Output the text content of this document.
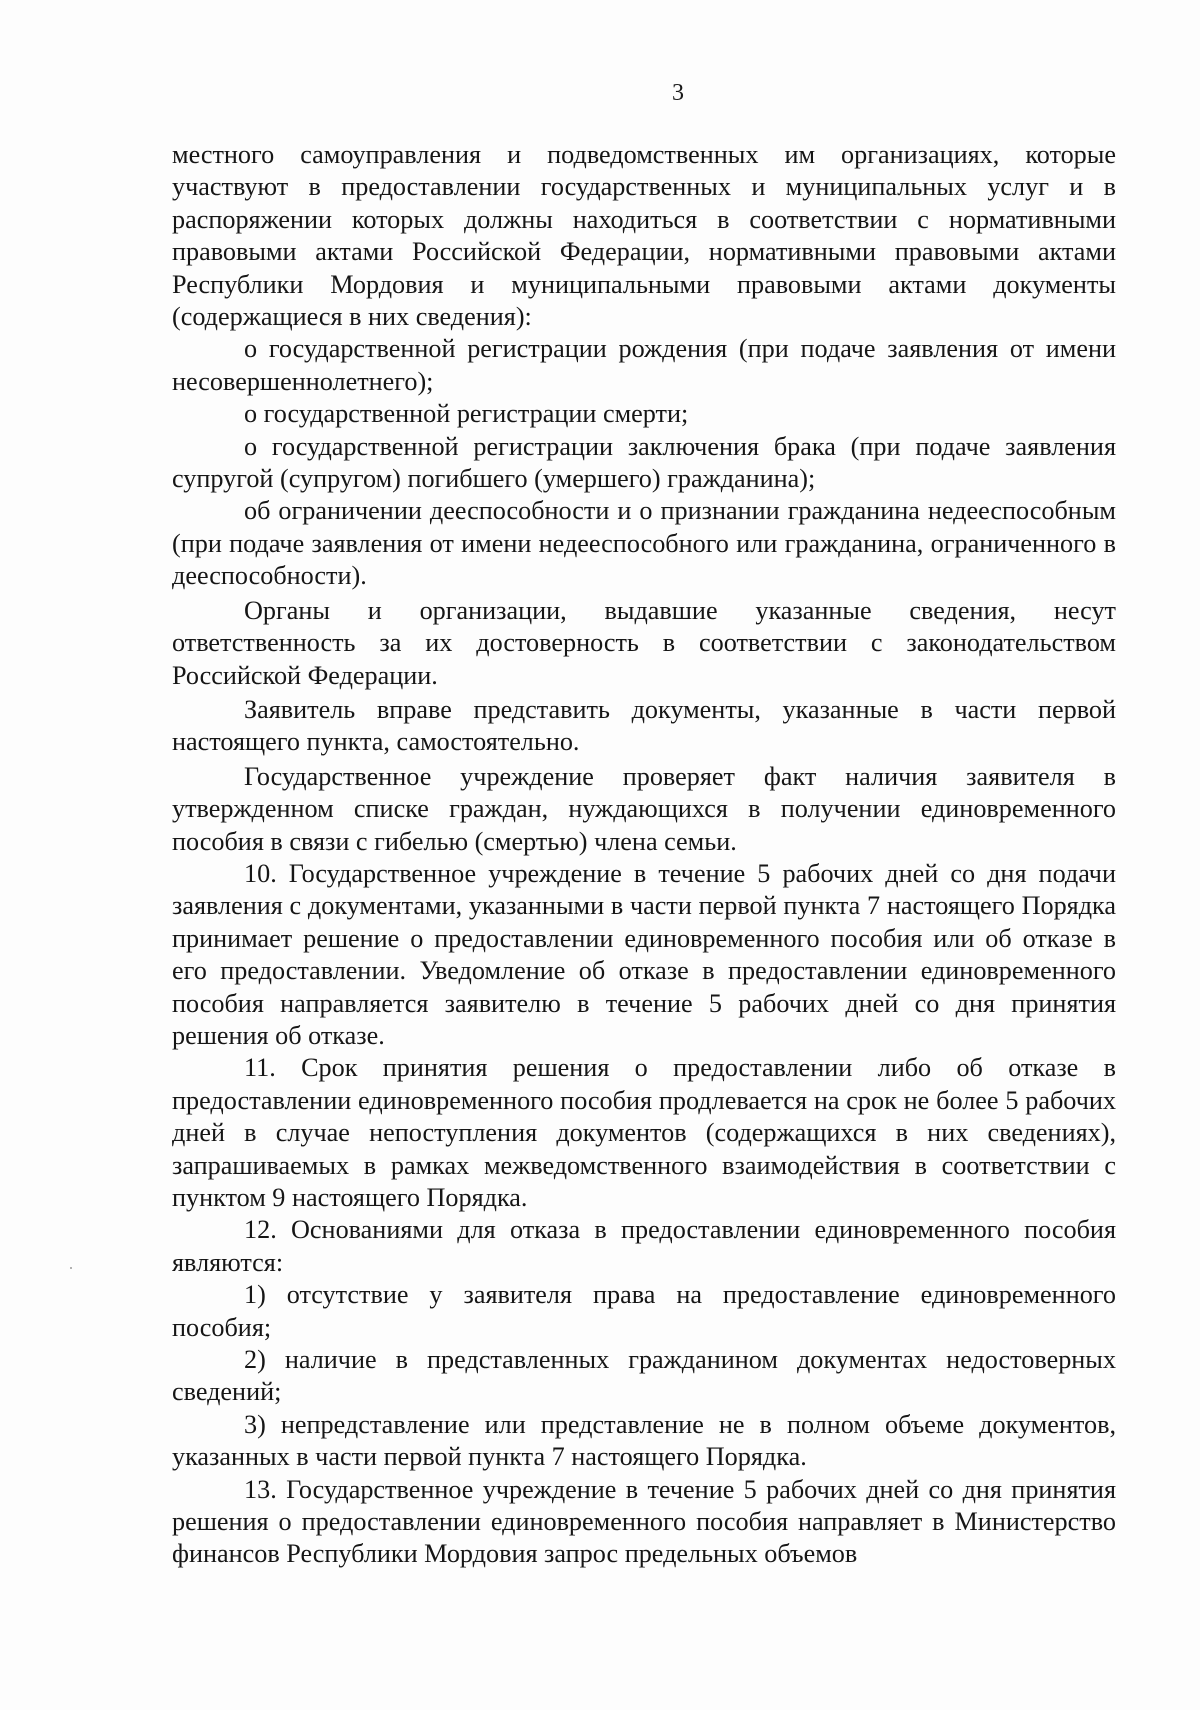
3

местного самоуправления и подведомственных им организациях, которые участвуют в предоставлении государственных и муниципальных услуг и в распоряжении которых должны находиться в соответствии с нормативными правовыми актами Российской Федерации, нормативными правовыми актами Республики Мордовия и муниципальными правовыми актами документы (содержащиеся в них сведения):

о государственной регистрации рождения (при подаче заявления от имени несовершеннолетнего);

о государственной регистрации смерти;

о государственной регистрации заключения брака (при подаче заявления супругой (супругом) погибшего (умершего) гражданина);

об ограничении дееспособности и о признании гражданина недееспособным (при подаче заявления от имени недееспособного или гражданина, ограниченного в дееспособности).

Органы и организации, выдавшие указанные сведения, несут ответственность за их достоверность в соответствии с законодательством Российской Федерации.

Заявитель вправе представить документы, указанные в части первой настоящего пункта, самостоятельно.

Государственное учреждение проверяет факт наличия заявителя в утвержденном списке граждан, нуждающихся в получении единовременного пособия в связи с гибелью (смертью) члена семьи.

10. Государственное учреждение в течение 5 рабочих дней со дня подачи заявления с документами, указанными в части первой пункта 7 настоящего Порядка принимает решение о предоставлении единовременного пособия или об отказе в его предоставлении. Уведомление об отказе в предоставлении единовременного пособия направляется заявителю в течение 5 рабочих дней со дня принятия решения об отказе.

11. Срок принятия решения о предоставлении либо об отказе в предоставлении единовременного пособия продлевается на срок не более 5 рабочих дней в случае непоступления документов (содержащихся в них сведениях), запрашиваемых в рамках межведомственного взаимодействия в соответствии с пунктом 9 настоящего Порядка.

12. Основаниями для отказа в предоставлении единовременного пособия являются:

1) отсутствие у заявителя права на предоставление единовременного пособия;

2) наличие в представленных гражданином документах недостоверных сведений;

3) непредставление или представление не в полном объеме документов, указанных в части первой пункта 7 настоящего Порядка.

13. Государственное учреждение в течение 5 рабочих дней со дня принятия решения о предоставлении единовременного пособия направляет в Министерство финансов Республики Мордовия запрос предельных объемов
